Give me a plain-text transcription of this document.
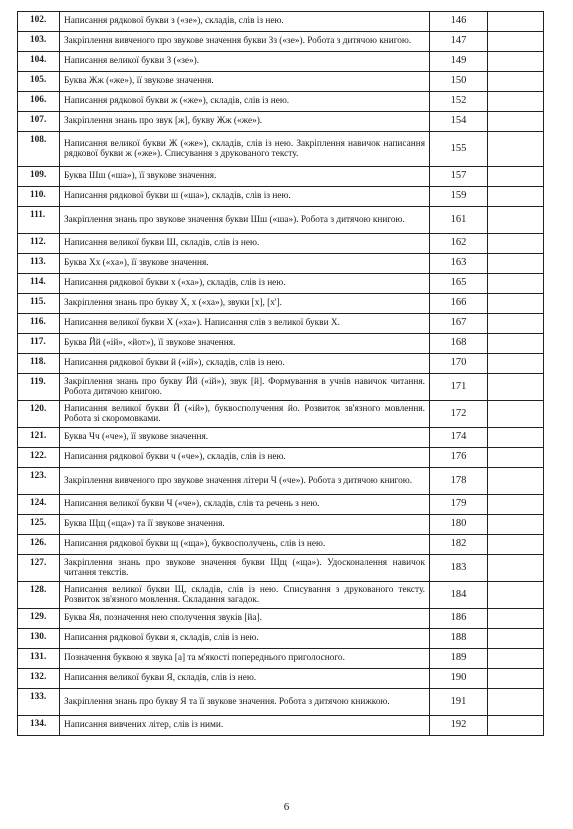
102.	Написання рядкової букви з («зе»), складів, слів із нею.	146	
103.	Закріплення вивченого про звукове значення букви Зз («зе»). Робота з дитячою книгою.	147	
104.	Написання великої букви З («зе»).	149	
105.	Буква Жж («же»), її звукове значення.	150	
106.	Написання рядкової букви ж («же»), складів, слів із нею.	152	
107.	Закріплення знань про звук [ж], букву Жж («же»).	154	
108.	Написання великої букви Ж («же»), складів, слів із нею. Закріплення навичок написання рядкової букви ж («же»). Списування з друкованого тексту.	155	
109.	Буква Шш («ша»), її звукове значення.	157	
110.	Написання рядкової букви ш («ша»), складів, слів із нею.	159	
111.	Закріплення знань про звукове значення букви Шш («ша»). Робота з дитячою книгою.	161	
112.	Написання великої букви Ш, складів, слів із нею.	162	
113.	Буква Хх («ха»), її звукове значення.	163	
114.	Написання рядкової букви х («ха»), складів, слів із нею.	165	
115.	Закріплення знань про букву Х, х («ха»), звуки [х], [х'].	166	
116.	Написання великої букви Х («ха»). Написання слів з великої букви Х.	167	
117.	Буква Йй («ій», «йот»), її звукове значення.	168	
118.	Написання рядкової букви й («ій»), складів, слів із нею.	170	
119.	Закріплення знань про букву Йй («ій»), звук [й]. Формування в учнів навичок читання. Робота дитячою книгою.	171	
120.	Написання великої букви Й («ій»), буквосполучення йо. Розвиток зв'язного мовлення. Робота зі скоромовками.	172	
121.	Буква Чч («че»), її звукове значення.	174	
122.	Написання рядкової букви ч («че»), складів, слів із нею.	176	
123.	Закріплення вивченого про звукове значення літери Ч («че»). Робота з дитячою книгою.	178	
124.	Написання великої букви Ч («че»), складів, слів та речень з нею.	179	
125.	Буква Щщ («ща») та її звукове значення.	180	
126.	Написання рядкової букви щ («ща»), буквосполучень, слів із нею.	182	
127.	Закріплення знань про звукове значення букви Щщ («ща»). Удосконалення навичок читання текстів.	183	
128.	Написання великої букви Щ, складів, слів із нею. Списування з друкованого тексту. Розвиток зв'язного мовлення. Складання загадок.	184	
129.	Буква Яя, позначення нею сполучення звуків [йа].	186	
130.	Написання рядкової букви я, складів, слів із нею.	188	
131.	Позначення буквою я звука [а] та м'якості попереднього приголосного.	189	
132.	Написання великої букви Я, складів, слів із нею.	190	
133.	Закріплення знань про букву Я та її звукове значення. Робота з дитячою книжкою.	191	
134.	Написання вивчених літер, слів із ними.	192	
6
